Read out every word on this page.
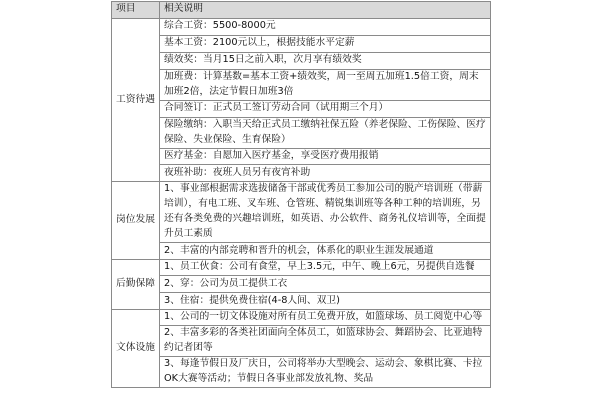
项目	相关说明
工资待遇	综合工资：5500-8000元
	基本工资：2100元以上，根据技能水平定薪
	绩效奖：当月15日之前入职，次月享有绩效奖
	加班费：计算基数=基本工资+绩效奖，周一至周五加班1.5倍工资，周末加班2倍，法定节假日加班3倍
	合同签订：正式员工签订劳动合同（试用期三个月）
	保险缴纳：入职当天给正式员工缴纳社保五险（养老保险、工伤保险、医疗保险、失业保险、生育保险）
	医疗基金：自愿加入医疗基金，享受医疗费用报销
	夜班补助：夜班人员另有夜宵补助
岗位发展	1、事业部根据需求选拔储备干部或优秀员工参加公司的脱产培训班（带薪培训），有电工班、叉车班、仓管班、精锐集训班等各种工种的培训班，另还有各类免费的兴趣培训班，如英语、办公软件、商务礼仪培训等，全面提升员工素质
	2、丰富的内部竞聘和晋升的机会，体系化的职业生涯发展通道
后勤保障	1、员工伙食：公司有食堂，早上3.5元，中午、晚上6元，另提供自选餐
	2、穿：公司为员工提供工衣
	3、住宿：提供免费住宿(4-8人间、双卫)
文体设施	1、公司的一切文体设施对所有员工免费开放，如篮球场、员工阅览中心等
	2、丰富多彩的各类社团面向全体员工，如篮球协会、舞蹈协会、比亚迪特约记者团等
	3、每逢节假日及厂庆日，公司将举办大型晚会、运动会、象棋比赛、卡拉OK大赛等活动；节假日各事业部发放礼物、奖品
